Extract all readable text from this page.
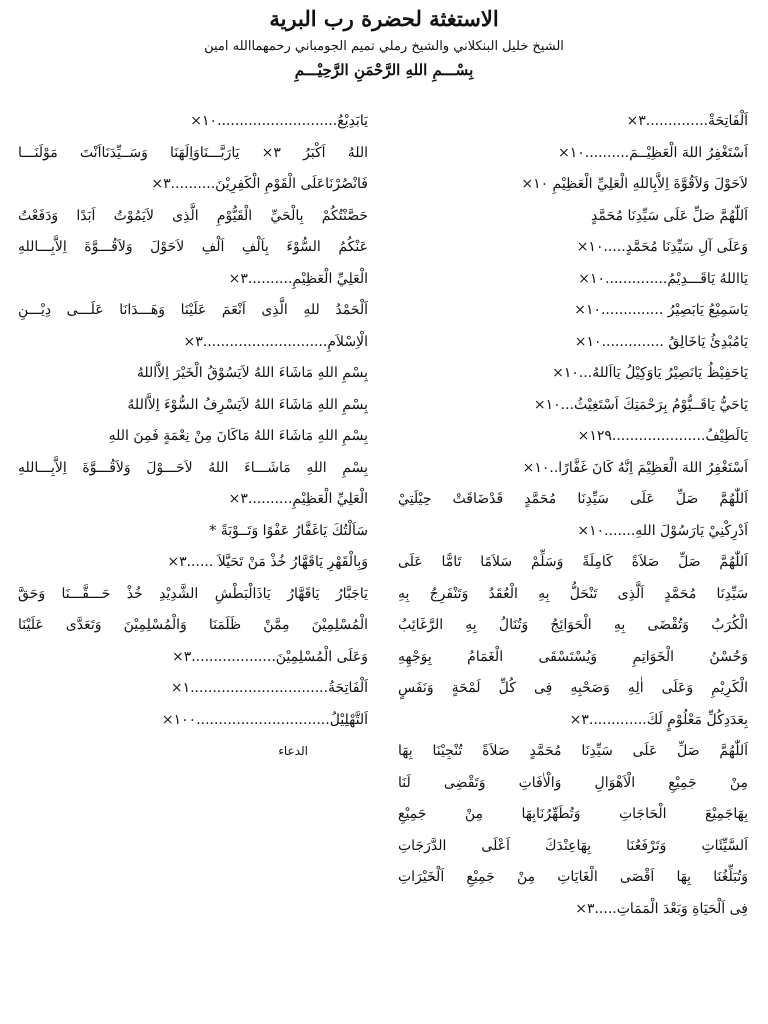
الاستغثة لحضرة رب البرية
الشيخ خليل البنكلاني والشيخ رملي تميم الجومباني رحمهماالله امين
بِسْـــمِ اللهِ الرَّحْمَنِ الرَّحِيْـــمِ
اَلْفَاتِحَةْ..............٣×
اَسْتَغْفِرُ اللهَ الْعَظِيْــمَ..........١٠×
لاَحَوْلَ وَلاَقُوَّةَ اِلاَّبِاللهِ الْعَلِيِّ الْعَظِيْمِ ١٠×
اَللّٰهُمَّ صَلِّ عَلَى سَيِّدِنَا مُحَمَّدٍ
وَعَلَى آلِ سَيِّدِنَا مُحَمَّدٍ.....١٠×
يَااللهُ يَاقَـــدِيْمُ..............١٠×
يَاسَمِيْعُ يَابَصِيْرُ ..............١٠×
يَامُبْدِئُ يَاخَالِقُ ..............١٠×
يَاحَفِيْظُ يَانَصِيْرُ يَاوَكِيْلُ يَااَللهُ...١٠×
يَاحَيُّ يَاقَــيُّوْمُ بِرَحْمَتِكَ اَسْتَغِيْثُ...١٠×
يَالَطِيْفُ.....................١٢٩×
اَسْتَغْفِرُ اللهَ الْعَظِيْمَ اِنَّهُ كَانَ غَفَّارًا..١٠×
اَللّٰهُمَّ صَلِّ عَلَى سَيِّدِنَا مُحَمَّدٍ قَدْضَاقَتْ حِيْلَتِيْ
اَدْرِكْنِيْ يَارَسُوْلَ اللهِ.......١٠×
اَللّٰهُمَّ صَلِّ صَلاَةً كَامِلَةً وَسَلِّمْ سَلاَمًا تَامًّا عَلَى
سَيِّدِنَا مُحَمَّدٍ اَلَّذِى تَنْحَلُّ بِهِ الْعُقَدُ وَتَنْفَرِجُ بِهِ
الْكُرَبُ وَتُقْضَى بِهِ الْحَوَائِجُ وَتُنَالُ بِهِ الرَّغَائِبُ
وَحُسْنُ الْخَوَاتِمِ وَيُسْتَسْقَى الْغَمَامُ بِوَجْهِهِ
الْكَرِيْمِ وَعَلَى اٰلِهِ وَصَحْبِهِ فِى كُلِّ لَمْحَةٍ وَنَفَسٍ
بِعَدَدِكُلِّ مَعْلُوْمٍ لَكَ.............٣×
اَللّٰهُمَّ صَلِّ عَلَى سَيِّدِنَا مُحَمَّدٍ صَلاَةً تُنْجِيْنَا بِهَا
مِنْ جَمِيْعِ الْاَهْوَالِ وَالْاٰفَاتِ وَتَقْضِى لَنَا
بِهَاجَمِيْعَ الْحَاجَاتِ وَتُطَهِّرُنَابِهَا مِنْ جَمِيْعِ
اَلسَّيِّئَاتِ وَتَرْفَعُنَا بِهَاعِنْدَكَ اَعْلَى الدَّرَجَاتِ
وَتُبَلِّغُنَا بِهَا اَقْصَى الْغَايَاتِ مِنْ جَمِيْعِ اَلْخَيْرَاتِ
فِى اَلْحَيَاةِ وَبَعْدَ الْمَمَاتِ.....٣×
يَابَدِيْعُ...........................١٠×
اللهُ اَكْبَرُ ٣× يَارَبَّـــنَاوَاِلَهَنَا وَسَــيِّدَنَااَنْتَ مَوْلَنَـــا
فَانْصُرْنَاعَلَى الْقَوْمِ الْكَفِرِيْنَ..........٣×
حَصَّنْتُكُمْ بِالْحَيِّ الْقَيُّوْمِ الَّذِى لاَيَمُوْتُ اَبَدًا وَدَفَعْتُ
عَنْكُمُ السُّوْءَ بِاَلْفِ اَلْفِ لاَحَوْلَ وَلاَقُـــوَّةَ اِلاَّبِـــاللهِ
الْعَلِيِّ الْعَظِيْمِ..........٣×
اَلْحَمْدُ للهِ الَّذِى اَنْعَمَ عَلَيْنَا وَهَـــدَانَا عَلَـــى دِيْـــنِ
الْاِسْلاَمِ............................٣×
بِسْمِ اللهِ مَاشَاءَ اللهُ لاَيَسُوْقُ الْخَيْرَ اِلاَّاللهُ
بِسْمِ اللهِ مَاشَاءَ اللهُ لاَيَسْرِفُ السُّوْءَ اِلاَّاللهُ
بِسْمِ اللهِ مَاشَاءَ اللهُ مَاكَانَ مِنْ نِعْمَةٍ فَمِنَ اللهِ
بِسْمِ اللهِ مَاشَـــاءَ اللهُ لاَحَـــوْلَ وَلاَقُـــوَّةَ اِلاَّبِـــاللهِ
الْعَلِيِّ الْعَظِيْمِ..........٣×
سَاَلْتُكَ يَاغَفَّارُ عَفْوًا وَتَــوْبَةً *
وَبِالْقَهْرِ يَاقَهَّارُ خُذْ مَنْ تَحَيَّلاَ ......٣×
يَاجَبَّارُ يَاقَهَّارُ يَاذَالْبَطْشِ الشَّدِيْدِ خُذْ حَـــقَّـــنَا وَحَقَّ
الْمُسْلِمِيْنَ مِمَّنْ ظَلَمَنَا وَالْمُسْلِمِيْنَ وَتَعَدَّى عَلَيْنَا
وَعَلَى الْمُسْلِمِيْنَ...................٣×
اَلْفَاتِحَةُ...............................١×
اَلتَّهْلِيْلُ..............................١٠٠×
الدعاء
